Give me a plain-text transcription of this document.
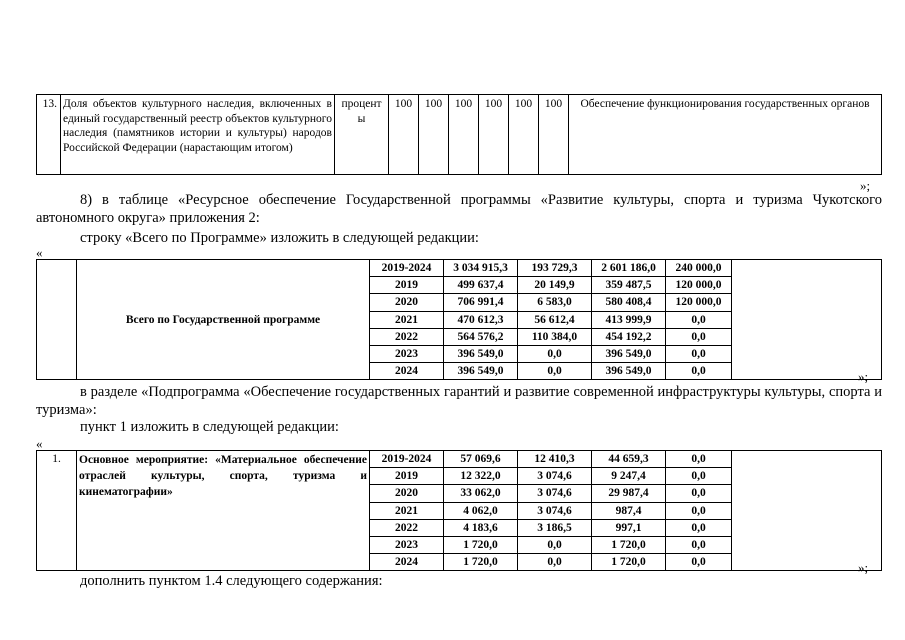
13.	Доля объектов культурного наследия, включенных в единый государственный реестр объектов культурного наследия (памятников истории и культуры) народов Российской Федерации (нарастающим итогом)	процент ы	100	100	100	100	100	100	Обеспечение функционирования государственных органов
»;
8) в таблице «Ресурсное обеспечение Государственной программы «Развитие культуры, спорта и туризма Чукотского автономного округа» приложения 2:
строку «Всего по Программе» изложить в следующей редакции:
«
	Всего по Государственной программе	2019-2024	3 034 915,3	193 729,3	2 601 186,0	240 000,0	
		2019	499 637,4	20 149,9	359 487,5	120 000,0	
		2020	706 991,4	6 583,0	580 408,4	120 000,0	
		2021	470 612,3	56 612,4	413 999,9	0,0	
		2022	564 576,2	110 384,0	454 192,2	0,0	
		2023	396 549,0	0,0	396 549,0	0,0	
		2024	396 549,0	0,0	396 549,0	0,0		»;
в разделе «Подпрограмма «Обеспечение государственных гарантий и развитие современной инфраструктуры культуры, спорта и туризма»:
пункт 1 изложить в следующей редакции:
«
1.	Основное мероприятие: «Материальное обеспечение отраслей культуры, спорта, туризма и кинематографии»	2019-2024	57 069,6	12 410,3	44 659,3	0,0	
		2019	12 322,0	3 074,6	9 247,4	0,0	
		2020	33 062,0	3 074,6	29 987,4	0,0	
		2021	4 062,0	3 074,6	987,4	0,0	
		2022	4 183,6	3 186,5	997,1	0,0	
		2023	1 720,0	0,0	1 720,0	0,0	
		2024	1 720,0	0,0	1 720,0	0,0		»;
дополнить пунктом 1.4 следующего содержания:
